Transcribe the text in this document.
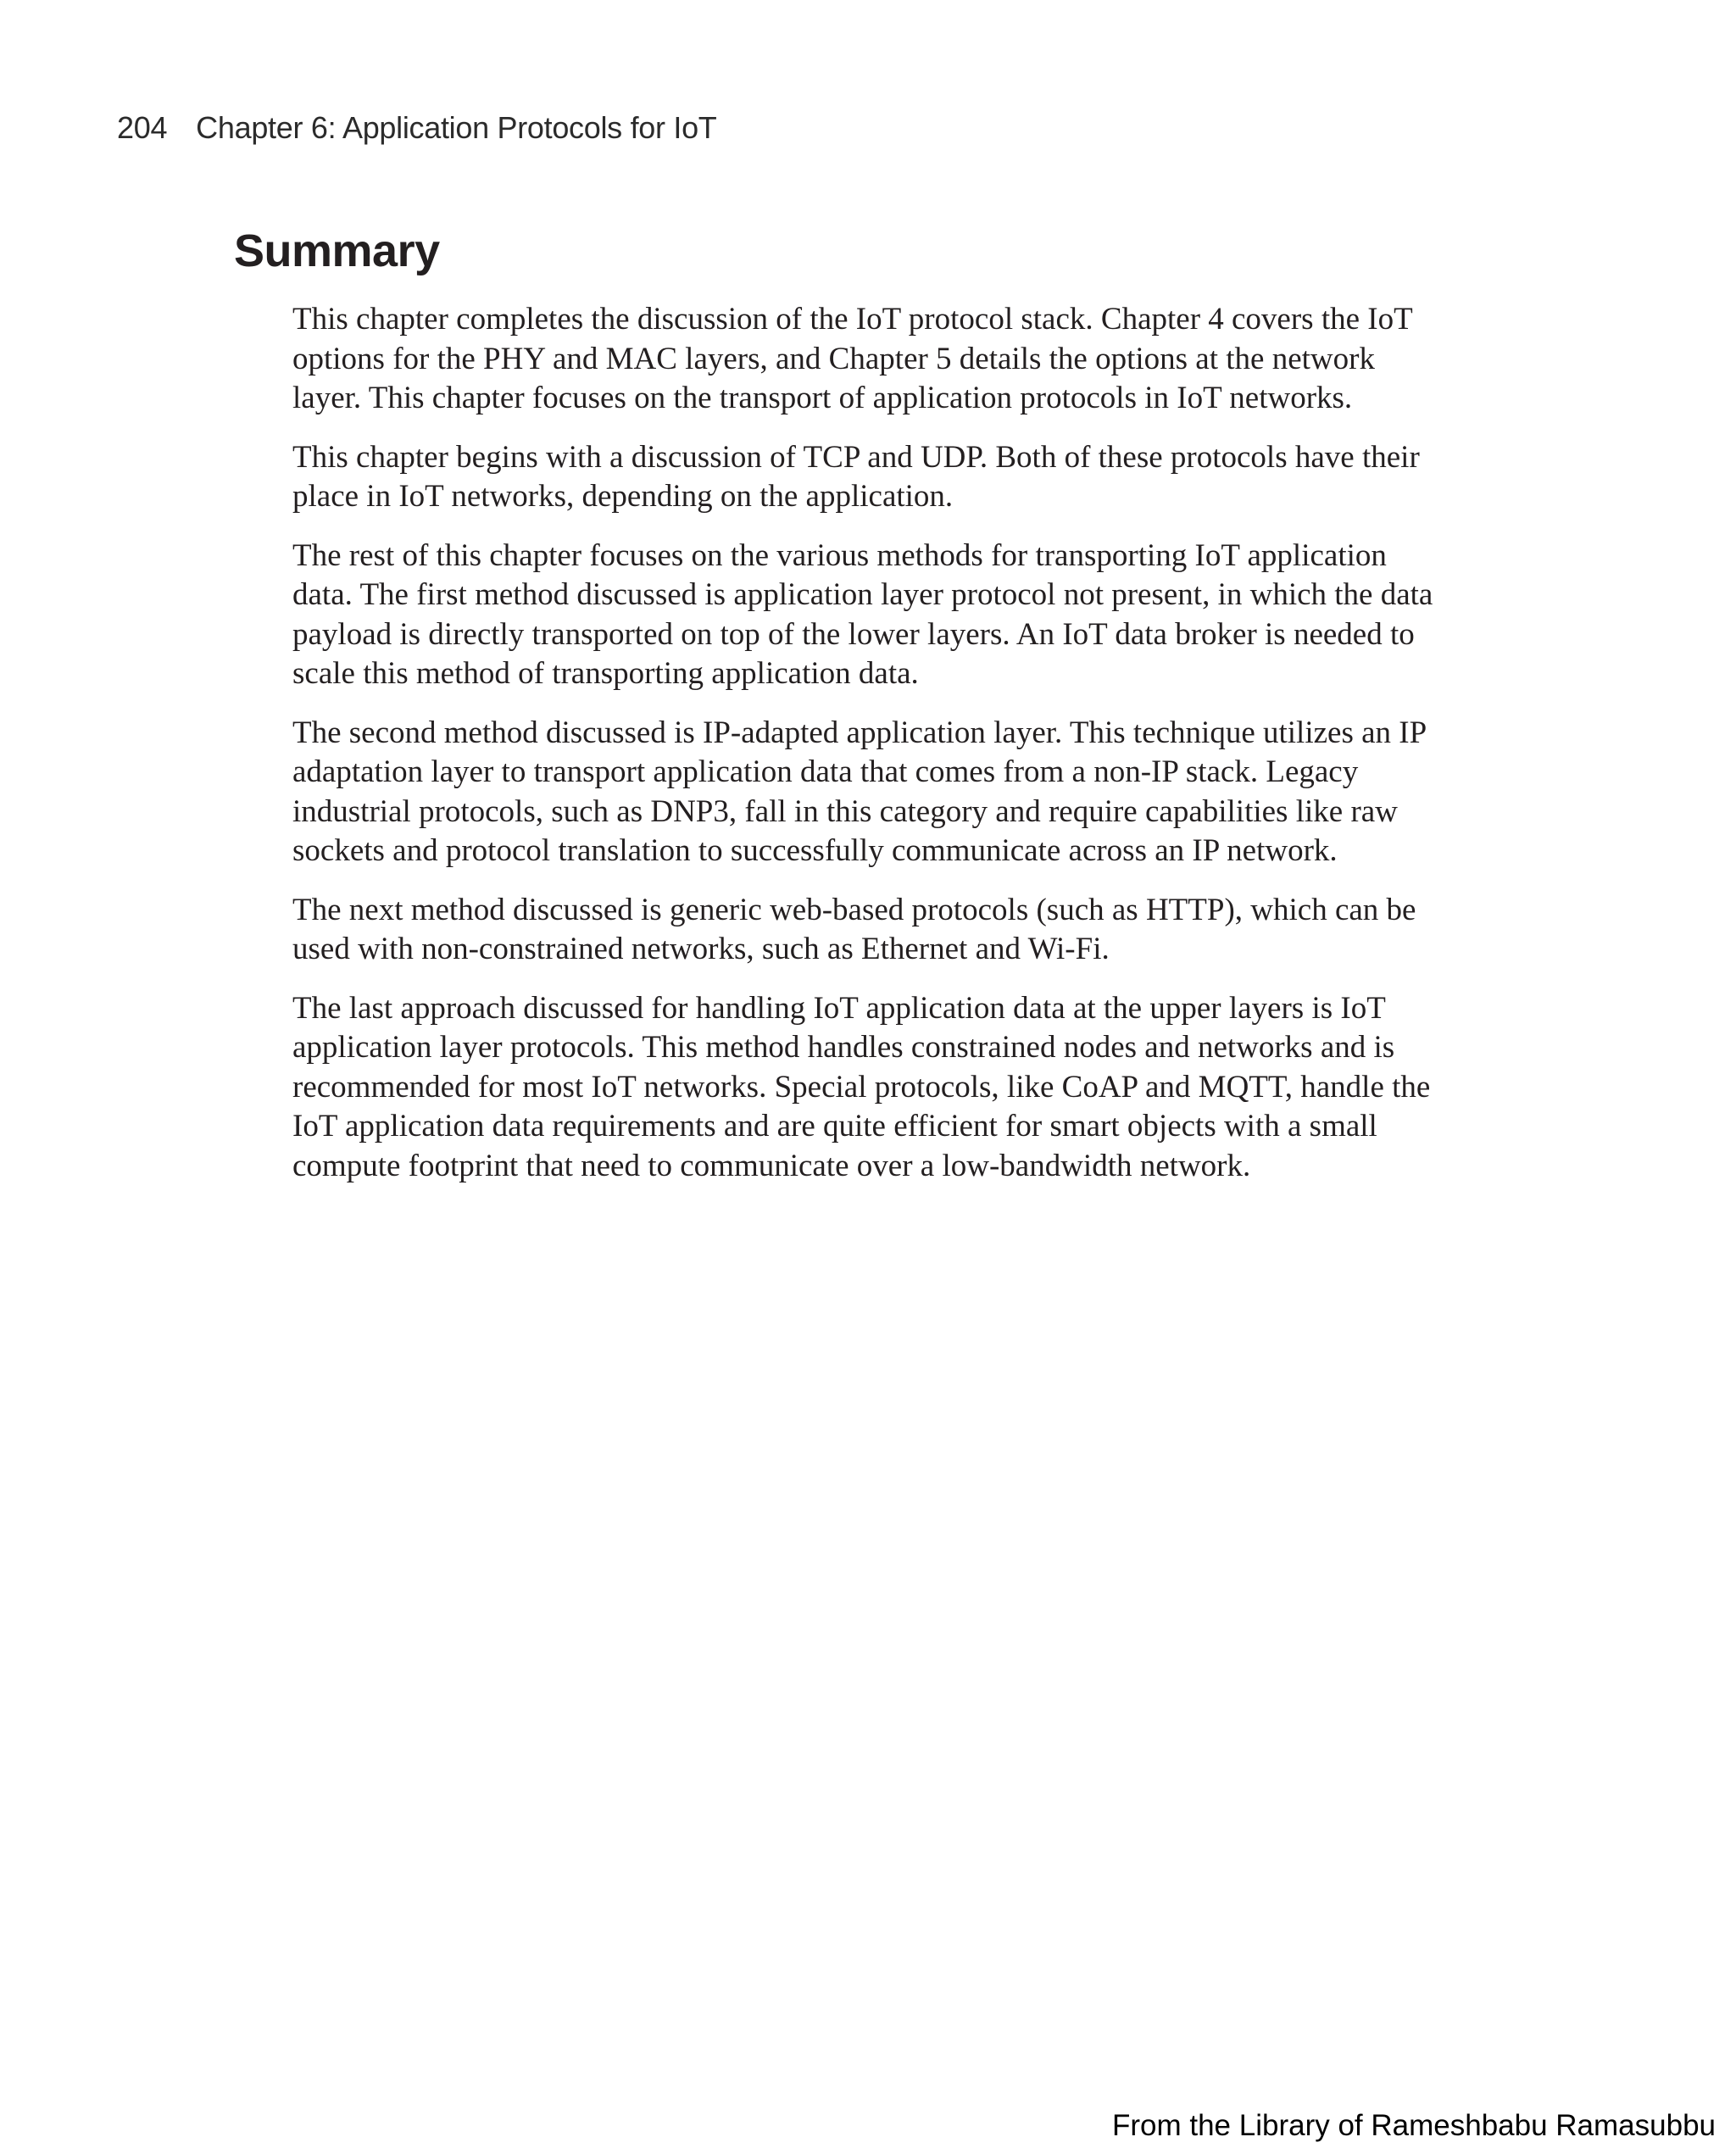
204 Chapter 6: Application Protocols for IoT
Summary

This chapter completes the discussion of the IoT protocol stack. Chapter 4 covers the IoT options for the PHY and MAC layers, and Chapter 5 details the options at the network layer. This chapter focuses on the transport of application protocols in IoT networks.

This chapter begins with a discussion of TCP and UDP. Both of these protocols have their place in IoT networks, depending on the application.

The rest of this chapter focuses on the various methods for transporting IoT application data. The first method discussed is application layer protocol not present, in which the data payload is directly transported on top of the lower layers. An IoT data broker is needed to scale this method of transporting application data.

The second method discussed is IP-adapted application layer. This technique utilizes an IP adaptation layer to transport application data that comes from a non-IP stack. Legacy industrial protocols, such as DNP3, fall in this category and require capabilities like raw sockets and protocol translation to successfully communicate across an IP network.

The next method discussed is generic web-based protocols (such as HTTP), which can be used with non-constrained networks, such as Ethernet and Wi-Fi.

The last approach discussed for handling IoT application data at the upper layers is IoT application layer protocols. This method handles constrained nodes and networks and is recommended for most IoT networks. Special protocols, like CoAP and MQTT, handle the IoT application data requirements and are quite efficient for smart objects with a small compute footprint that need to communicate over a low-bandwidth network.

From the Library of Rameshbabu Ramasubbu
